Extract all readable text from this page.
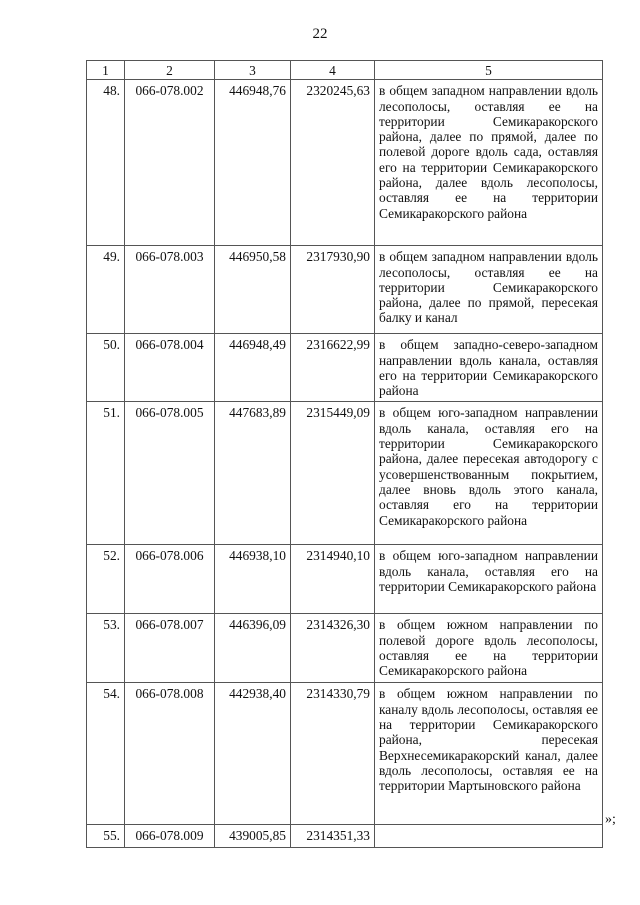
22
1	2	3	4	5
48.	066-078.002	446948,76	2320245,63	в общем западном направлении вдоль лесополосы, оставляя ее на территории Семикаракорского района, далее по прямой, далее по полевой дороге вдоль сада, оставляя его на территории Семикаракорского района, далее вдоль лесополосы, оставляя ее на территории Семикаракорского района
49.	066-078.003	446950,58	2317930,90	в общем западном направлении вдоль лесополосы, оставляя ее на территории Семикаракорского района, далее по прямой, пересекая балку и канал
50.	066-078.004	446948,49	2316622,99	в общем западно-северо-западном направлении вдоль канала, оставляя его на территории Семикаракорского района
51.	066-078.005	447683,89	2315449,09	в общем юго-западном направлении вдоль канала, оставляя его на территории Семикаракорского района, далее пересекая автодорогу с усовершенствованным покрытием, далее вновь вдоль этого канала, оставляя его на территории Семикаракорского района
52.	066-078.006	446938,10	2314940,10	в общем юго-западном направлении вдоль канала, оставляя его на территории Семикаракорского района
53.	066-078.007	446396,09	2314326,30	в общем южном направлении по полевой дороге вдоль лесополосы, оставляя ее на территории Семикаракорского района
54.	066-078.008	442938,40	2314330,79	в общем южном направлении по каналу вдоль лесополосы, оставляя ее на территории Семикаракорского района, пересекая Верхнесемикаракорский канал, далее вдоль лесополосы, оставляя ее на территории Мартыновского района
55.	066-078.009	439005,85	2314351,33	
»;
